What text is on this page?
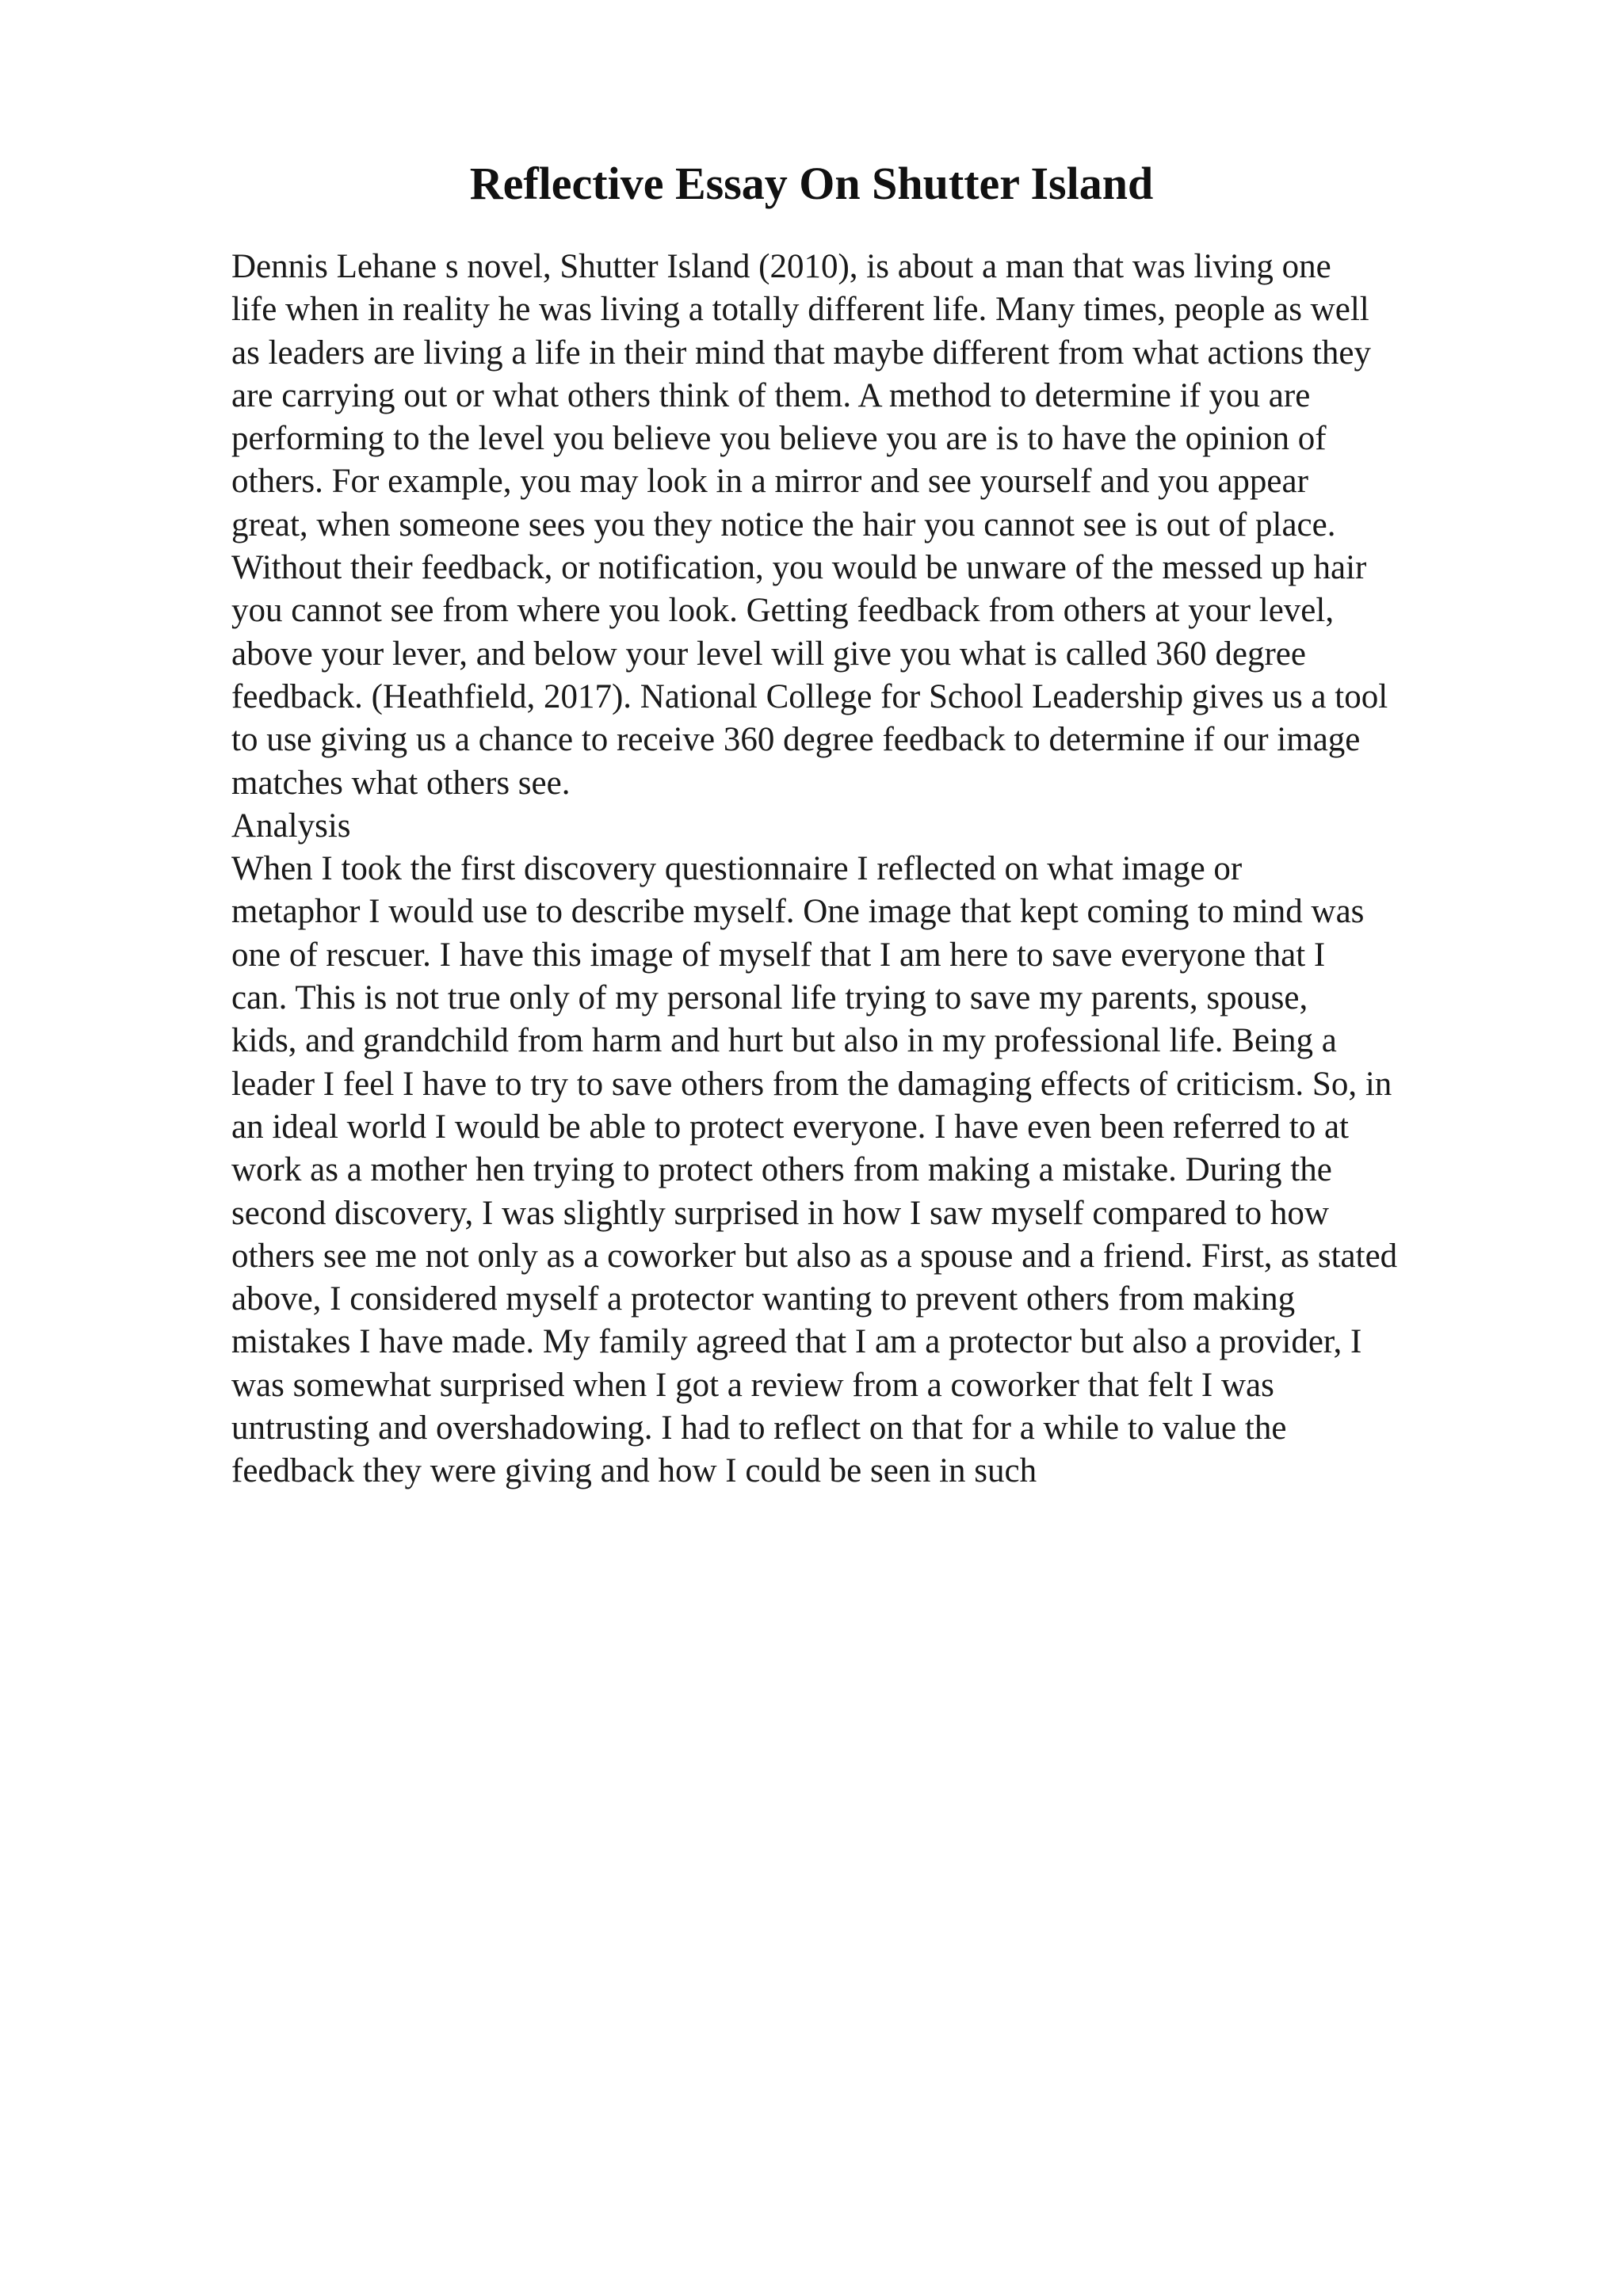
Reflective Essay On Shutter Island
Dennis Lehane s novel, Shutter Island (2010), is about a man that was living one
life when in reality he was living a totally different life. Many times, people as well
as leaders are living a life in their mind that maybe different from what actions they
are carrying out or what others think of them. A method to determine if you are
performing to the level you believe you believe you are is to have the opinion of
others. For example, you may look in a mirror and see yourself and you appear
great, when someone sees you they notice the hair you cannot see is out of place.
Without their feedback, or notification, you would be unware of the messed up hair
you cannot see from where you look. Getting feedback from others at your level,
above your lever, and below your level will give you what is called 360 degree
feedback. (Heathfield, 2017). National College for School Leadership gives us a tool
to use giving us a chance to receive 360 degree feedback to determine if our image
matches what others see.
Analysis
When I took the first discovery questionnaire I reflected on what image or
metaphor I would use to describe myself. One image that kept coming to mind was
one of rescuer. I have this image of myself that I am here to save everyone that I
can. This is not true only of my personal life trying to save my parents, spouse,
kids, and grandchild from harm and hurt but also in my professional life. Being a
leader I feel I have to try to save others from the damaging effects of criticism. So, in
an ideal world I would be able to protect everyone. I have even been referred to at
work as a mother hen trying to protect others from making a mistake. During the
second discovery, I was slightly surprised in how I saw myself compared to how
others see me not only as a coworker but also as a spouse and a friend. First, as stated
above, I considered myself a protector wanting to prevent others from making
mistakes I have made. My family agreed that I am a protector but also a provider, I
was somewhat surprised when I got a review from a coworker that felt I was
untrusting and overshadowing. I had to reflect on that for a while to value the
feedback they were giving and how I could be seen in such
